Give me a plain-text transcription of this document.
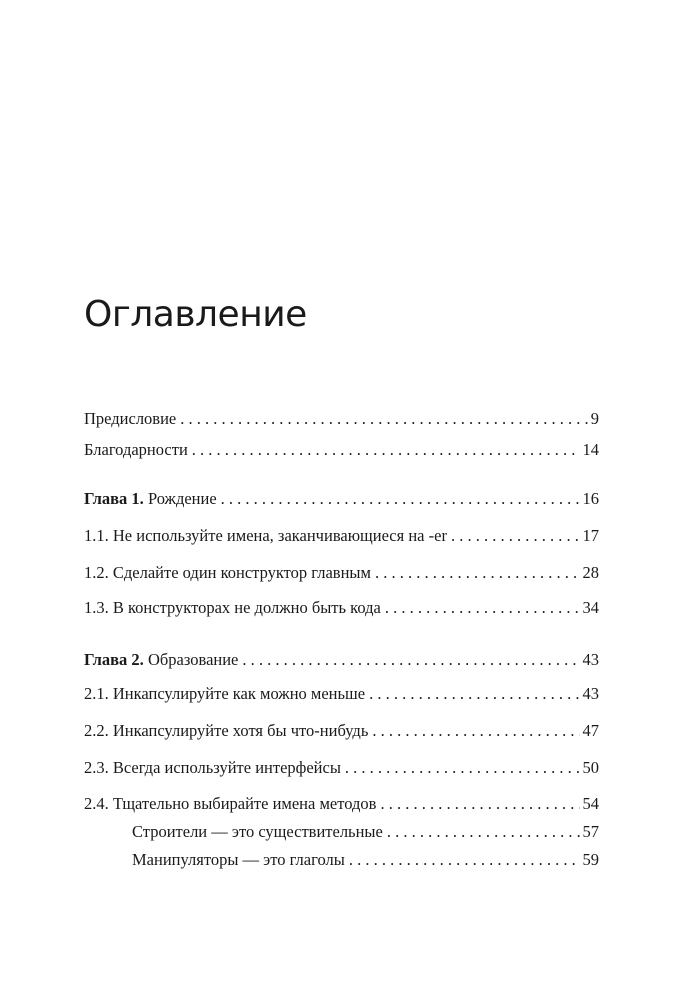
Оглавление
Предисловие . . .	9
Благодарности . . .	14
Глава 1. Рождение . . .	16
1.1. Не используйте имена, заканчивающиеся на -er . . .	17
1.2. Сделайте один конструктор главным . . .	28
1.3. В конструкторах не должно быть кода . . .	34
Глава 2. Образование . . .	43
2.1. Инкапсулируйте как можно меньше . . .	43
2.2. Инкапсулируйте хотя бы что-нибудь . . .	47
2.3. Всегда используйте интерфейсы . . .	50
2.4. Тщательно выбирайте имена методов . . .	54
Строители — это существительные . . .	57
Манипуляторы — это глаголы . . .	59
